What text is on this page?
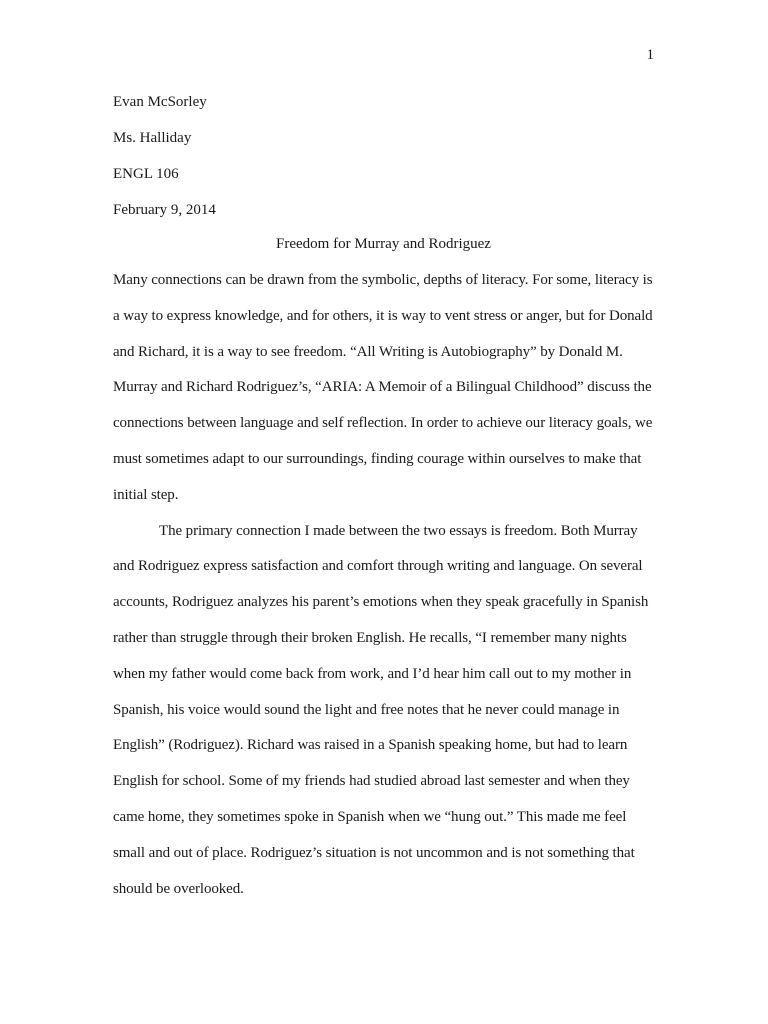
1
Evan McSorley
Ms. Halliday
ENGL 106
February 9, 2014
Freedom for Murray and Rodriguez

Many connections can be drawn from the symbolic, depths of literacy. For some, literacy is a way to express knowledge, and for others, it is way to vent stress or anger, but for Donald and Richard, it is a way to see freedom. “All Writing is Autobiography” by Donald M. Murray and Richard Rodriguez’s, “ARIA: A Memoir of a Bilingual Childhood” discuss the connections between language and self reflection. In order to achieve our literacy goals, we must sometimes adapt to our surroundings, finding courage within ourselves to make that initial step.

The primary connection I made between the two essays is freedom. Both Murray and Rodriguez express satisfaction and comfort through writing and language. On several accounts, Rodriguez analyzes his parent’s emotions when they speak gracefully in Spanish rather than struggle through their broken English. He recalls, “I remember many nights when my father would come back from work, and I’d hear him call out to my mother in Spanish, his voice would sound the light and free notes that he never could manage in English” (Rodriguez). Richard was raised in a Spanish speaking home, but had to learn English for school. Some of my friends had studied abroad last semester and when they came home, they sometimes spoke in Spanish when we “hung out.” This made me feel small and out of place. Rodriguez’s situation is not uncommon and is not something that should be overlooked.
